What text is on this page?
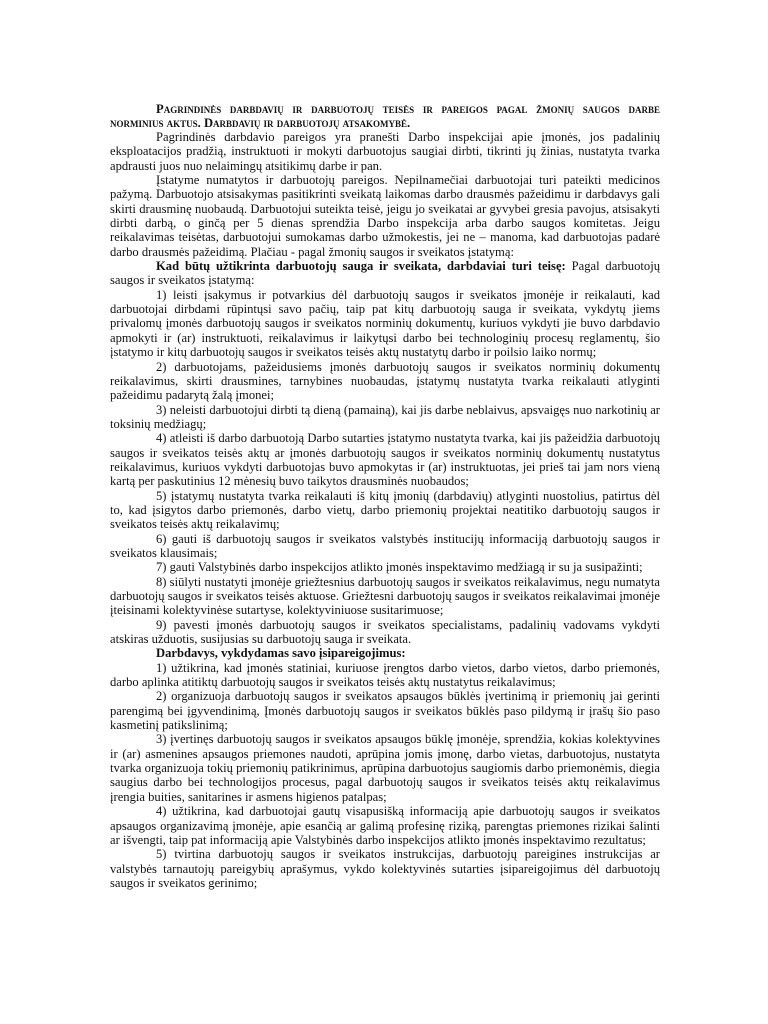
Pagrindinės darbdavių ir darbuotojų teisės ir pareigos pagal žmonių saugos darbe norminius aktus. Darbdavių ir darbuotojų atsakomybė.

Pagrindinės darbdavio pareigos yra pranešti Darbo inspekcijai apie įmonės, jos padalinių eksploatacijos pradžią, instruktuoti ir mokyti darbuotojus saugiai dirbti, tikrinti jų žinias, nustatyta tvarka apdrausti juos nuo nelaimingų atsitikimų darbe ir pan.

Įstatyme numatytos ir darbuotojų pareigos. Nepilnamečiai darbuotojai turi pateikti medicinos pažymą. Darbuotojo atsisakymas pasitikrinti sveikatą laikomas darbo drausmės pažeidimu ir darbdavys gali skirti drausminę nuobaudą. Darbuotojui suteikta teisė, jeigu jo sveikatai ar gyvybei gresia pavojus, atsisakyti dirbti darbą, o ginčą per 5 dienas sprendžia Darbo inspekcija arba darbo saugos komitetas. Jeigu reikalavimas teisėtas, darbuotojui sumokamas darbo užmokestis, jei ne – manoma, kad darbuotojas padarė darbo drausmės pažeidimą. Plačiau - pagal žmonių saugos ir sveikatos įstatymą:

Kad būtų užtikrinta darbuotojų sauga ir sveikata, darbdaviai turi teisę: Pagal darbuotojų saugos ir sveikatos įstatymą:

1) leisti įsakymus ir potvarkius dėl darbuotojų saugos ir sveikatos įmonėje ir reikalauti, kad darbuotojai dirbdami rūpintųsi savo pačių, taip pat kitų darbuotojų sauga ir sveikata, vykdytų jiems privalomų įmonės darbuotojų saugos ir sveikatos norminių dokumentų, kuriuos vykdyti jie buvo darbdavio apmokyti ir (ar) instruktuoti, reikalavimus ir laikytųsi darbo bei technologinių procesų reglamentų, šio įstatymo ir kitų darbuotojų saugos ir sveikatos teisės aktų nustatytų darbo ir poilsio laiko normų;

2) darbuotojams, pažeidusiems įmonės darbuotojų saugos ir sveikatos norminių dokumentų reikalavimus, skirti drausmines, tarnybines nuobaudas, įstatymų nustatyta tvarka reikalauti atlyginti pažeidimu padarytą žalą įmonei;

3) neleisti darbuotojui dirbti tą dieną (pamainą), kai jis darbe neblaivus, apsvaigęs nuo narkotinių ar toksinių medžiagų;

4) atleisti iš darbo darbuotoją Darbo sutarties įstatymo nustatyta tvarka, kai jis pažeidžia darbuotojų saugos ir sveikatos teisės aktų ar įmonės darbuotojų saugos ir sveikatos norminių dokumentų nustatytus reikalavimus, kuriuos vykdyti darbuotojas buvo apmokytas ir (ar) instruktuotas, jei prieš tai jam nors vieną kartą per paskutinius 12 mėnesių buvo taikytos drausminės nuobaudos;

5) įstatymų nustatyta tvarka reikalauti iš kitų įmonių (darbdavių) atlyginti nuostolius, patirtus dėl to, kad įsigytos darbo priemonės, darbo vietų, darbo priemonių projektai neatitiko darbuotojų saugos ir sveikatos teisės aktų reikalavimų;

6) gauti iš darbuotojų saugos ir sveikatos valstybės institucijų informaciją darbuotojų saugos ir sveikatos klausimais;

7) gauti Valstybinės darbo inspekcijos atlikto įmonės inspektavimo medžiagą ir su ja susipažinti;

8) siūlyti nustatyti įmonėje griežtesnius darbuotojų saugos ir sveikatos reikalavimus, negu numatyta darbuotojų saugos ir sveikatos teisės aktuose. Griežtesni darbuotojų saugos ir sveikatos reikalavimai įmonėje įteisinami kolektyvinėse sutartyse, kolektyviniuose susitarimuose;

9) pavesti įmonės darbuotojų saugos ir sveikatos specialistams, padalinių vadovams vykdyti atskiras užduotis, susijusias su darbuotojų sauga ir sveikata.

Darbdavys, vykdydamas savo įsipareigojimus:

1) užtikrina, kad įmonės statiniai, kuriuose įrengtos darbo vietos, darbo vietos, darbo priemonės, darbo aplinka atitiktų darbuotojų saugos ir sveikatos teisės aktų nustatytus reikalavimus;

2) organizuoja darbuotojų saugos ir sveikatos apsaugos būklės įvertinimą ir priemonių jai gerinti parengimą bei įgyvendinimą, Įmonės darbuotojų saugos ir sveikatos būklės paso pildymą ir įrašų šio paso kasmetinį patikslinimą;

3) įvertinęs darbuotojų saugos ir sveikatos apsaugos būklę įmonėje, sprendžia, kokias kolektyvines ir (ar) asmenines apsaugos priemones naudoti, aprūpina jomis įmonę, darbo vietas, darbuotojus, nustatyta tvarka organizuoja tokių priemonių patikrinimus, aprūpina darbuotojus saugiomis darbo priemonėmis, diegia saugius darbo bei technologijos procesus, pagal darbuotojų saugos ir sveikatos teisės aktų reikalavimus įrengia buities, sanitarines ir asmens higienos patalpas;

4) užtikrina, kad darbuotojai gautų visapusišką informaciją apie darbuotojų saugos ir sveikatos apsaugos organizavimą įmonėje, apie esančią ar galimą profesinę riziką, parengtas priemones rizikai šalinti ar išvengti, taip pat informaciją apie Valstybinės darbo inspekcijos atlikto įmonės inspektavimo rezultatus;

5) tvirtina darbuotojų saugos ir sveikatos instrukcijas, darbuotojų pareigines instrukcijas ar valstybės tarnautojų pareigybių aprašymus, vykdo kolektyvinės sutarties įsipareigojimus dėl darbuotojų saugos ir sveikatos gerinimo;
